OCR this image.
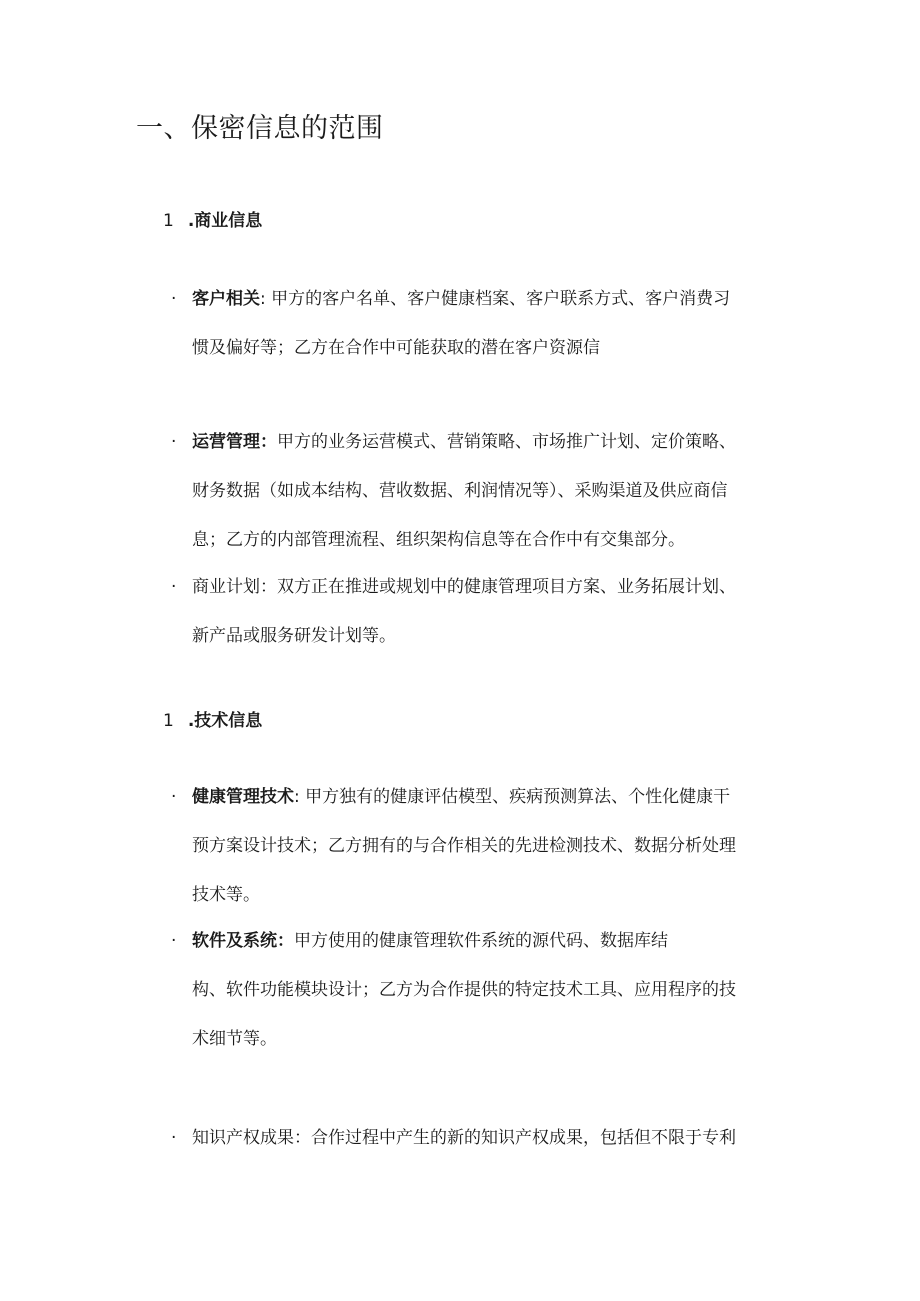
一、保密信息的范围
1 .商业信息
· 客户相关: 甲方的客户名单、客户健康档案、客户联系方式、客户消费习
惯及偏好等；乙方在合作中可能获取的潜在客户资源信
· 运营管理：甲方的业务运营模式、营销策略、市场推广计划、定价策略、
财务数据（如成本结构、营收数据、利润情况等）、采购渠道及供应商信
息；乙方的内部管理流程、组织架构信息等在合作中有交集部分。
· 商业计划：双方正在推进或规划中的健康管理项目方案、业务拓展计划、
新产品或服务研发计划等。
1 .技术信息
· 健康管理技术: 甲方独有的健康评估模型、疾病预测算法、个性化健康干
预方案设计技术；乙方拥有的与合作相关的先进检测技术、数据分析处理
技术等。
· 软件及系统：甲方使用的健康管理软件系统的源代码、数据库结
构、软件功能模块设计；乙方为合作提供的特定技术工具、应用程序的技
术细节等。
· 知识产权成果：合作过程中产生的新的知识产权成果，包括但不限于专利
